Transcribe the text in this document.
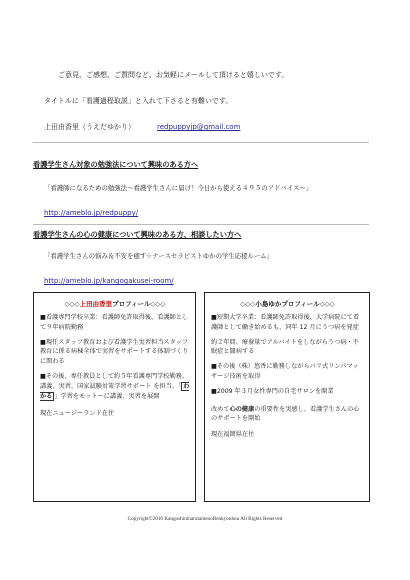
ご意見、ご感想、ご質問など、お気軽にメールして頂けると嬉しいです。
タイトルに「看護過程取説」と入れて下さると有難いです。
上田由香里（うえだゆかり）	redpuppyjp@gmail.com
看護学生さん対象の勉強法について興味のある方へ
「看護師になるための勉強法～看護学生さんに届け！今日から使える４９５のアドバイス～」
http://ameblo.jp/redpuppy/
看護学生さんの心の健康について興味のある方、相談したい方へ
「看護学生さんの悩み＆不安を癒す☆ナースセラピストゆかの学生応援ルーム」
http://ameblo.jp/kangogakusei-room/
◇◇◇上田由香里プロフィール◇◇◇

■看護専門学校卒業：看護師免許取得後、看護師として９年病院勤務

■現任スタッフ教育および看護学生実習担当スタッフ教育に係る病棟全体で実習をサポートする体制づくりに関わる

■その後、専任教員として約５年看護専門学校勤務。講義、実習、国家試験対策学習サポート を担当。「 わかる 」学習をモットーに講義、実習を展開

現在ニュージーランド在住

◇◇◇小島ゆかプロフィール◇◇◇

■短期大学卒業：看護師免許取得後、大学病院にて看護師として働き始めるも、同年 12 月にうつ病を発症

約２年間、療養量でアルバイトをしながらうつ病・不眠症と闘病する

■その後（株）悠香に勤務しながらバリ式リンパマッサージ技術を取得

■2009 年３月女性専門の自宅サロンを開業

改めて心の健康の重要性を実感し、看護学生さんの心のサポートを開始

現在福岡県在住

Copyright©2010 KangoshininarutamenoBenkyouhou All Rights Reserved
